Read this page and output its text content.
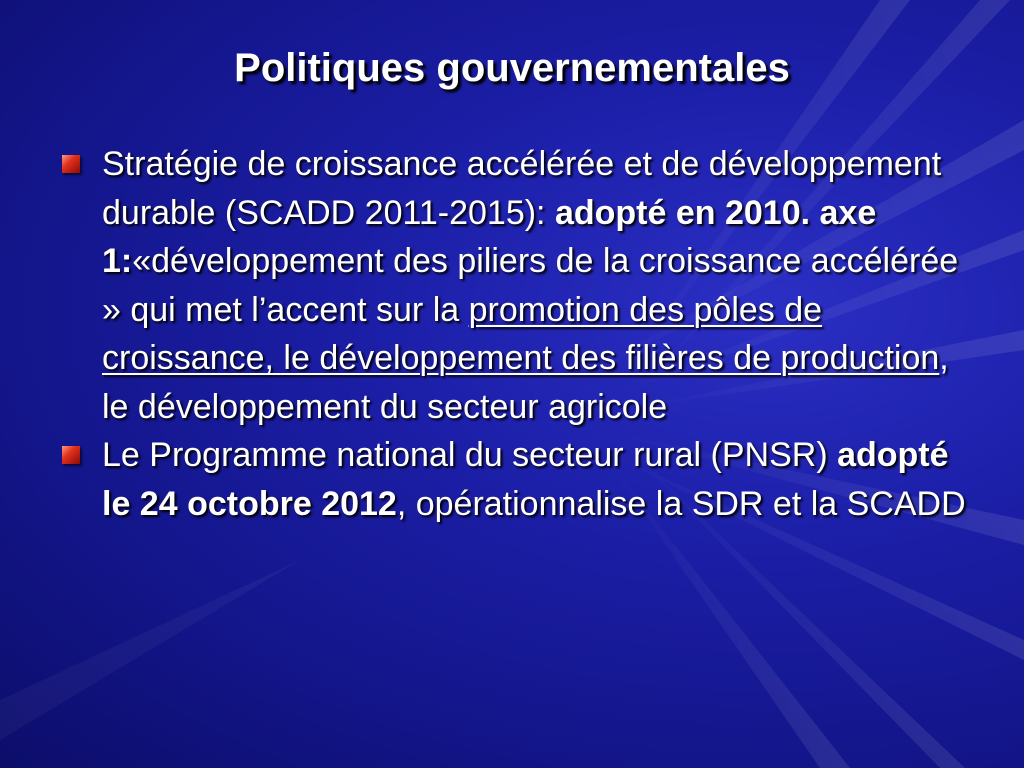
Politiques gouvernementales
Stratégie de croissance accélérée et de développement durable (SCADD 2011-2015): adopté en 2010. axe 1:«développement des piliers de la croissance accélérée » qui met l’accent sur la promotion des pôles de croissance, le développement des filières de production, le développement du secteur agricole
Le Programme national du secteur rural (PNSR) adopté le 24 octobre 2012, opérationnalise la SDR et la SCADD
